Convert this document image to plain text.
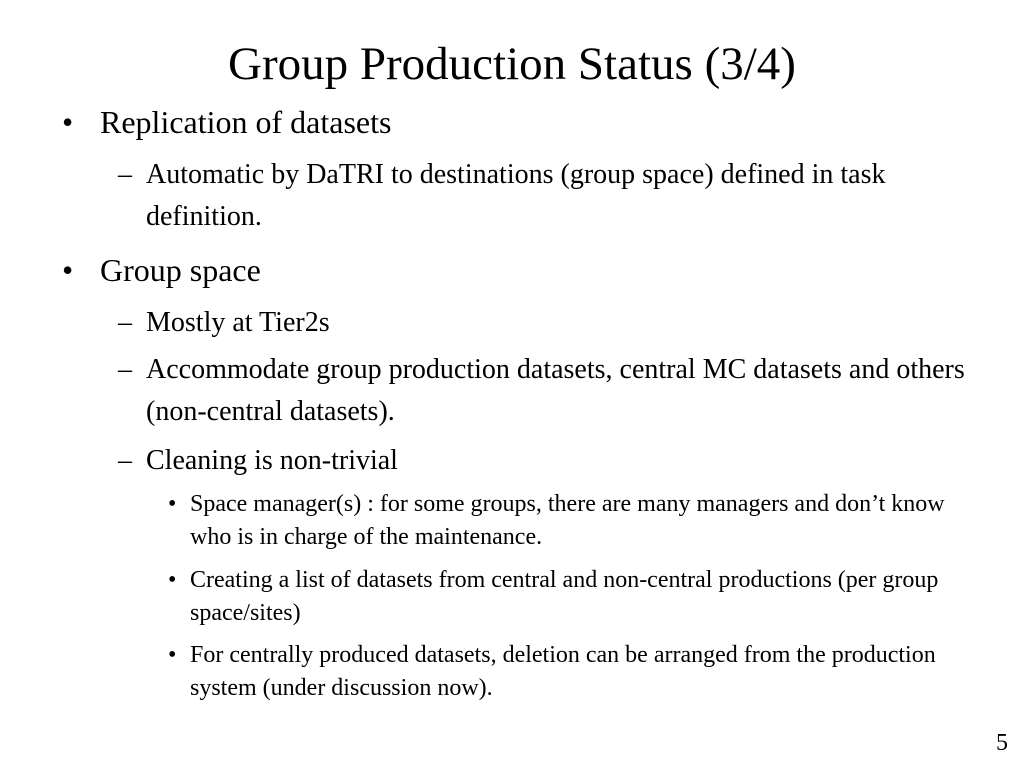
Group Production Status (3/4)
• Replication of datasets
– Automatic by DaTRI to destinations (group space) defined in task definition.
• Group space
– Mostly at Tier2s
– Accommodate group production datasets, central MC datasets and others (non-central datasets).
– Cleaning is non-trivial
• Space manager(s) : for some groups, there are many managers and don’t know who is in charge of the maintenance.
• Creating a list of datasets from central and non-central productions (per group space/sites)
• For centrally produced datasets, deletion can be arranged from the production system (under discussion now).
5
